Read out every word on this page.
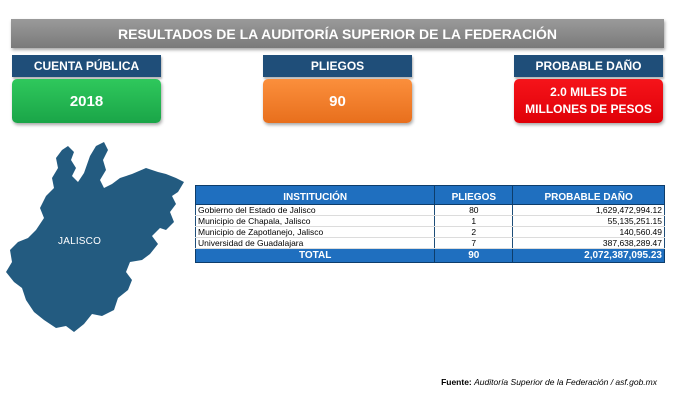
RESULTADOS DE LA AUDITORÍA SUPERIOR DE LA FEDERACIÓN
CUENTA PÚBLICA	PLIEGOS	PROBABLE DAÑO
2018	90
2.0 MILES DE MILLONES DE PESOS
JALISCO
INSTITUCIÓN	PLIEGOS	PROBABLE DAÑO
Gobierno del Estado de Jalisco	80	1,629,472,994.12
Municipio de Chapala, Jalisco	1	55,135,251.15
Municipio de Zapotlanejo, Jalisco	2	140,560.49
Universidad de Guadalajara	7	387,638,289.47
TOTAL	90	2,072,387,095.23
Fuente: Auditoría Superior de la Federación / asf.gob.mx
